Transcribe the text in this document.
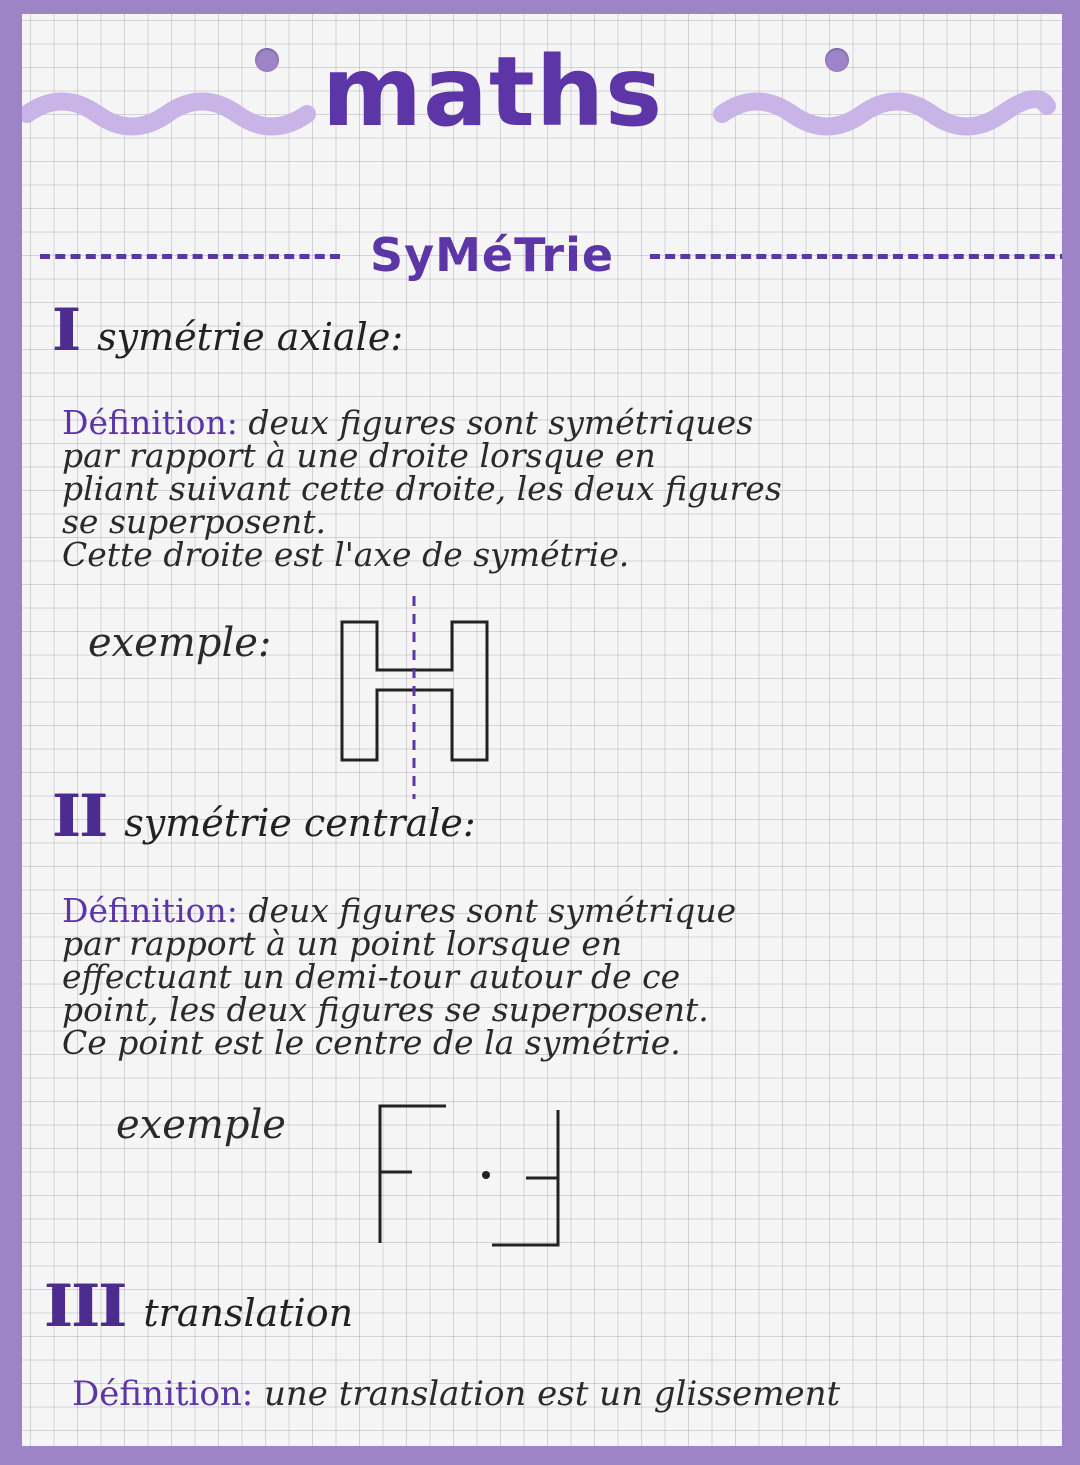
maths
SyMéTrie
Isymétrie axiale:
Définition: deux figures sont symétriques
par rapport à une droite lorsque en
pliant suivant cette droite, les deux figures
se superposent.
Cette droite est l'axe de symétrie.
exemple:
II symétrie centrale:
Définition: deux figures sont symétrique
par rapport à un point lorsque en
effectuant un demi-tour autour de ce
point, les deux figures se superposent.
Ce point est le centre de la symétrie.
exemple
III translation
Définition: une translation est un glissement
